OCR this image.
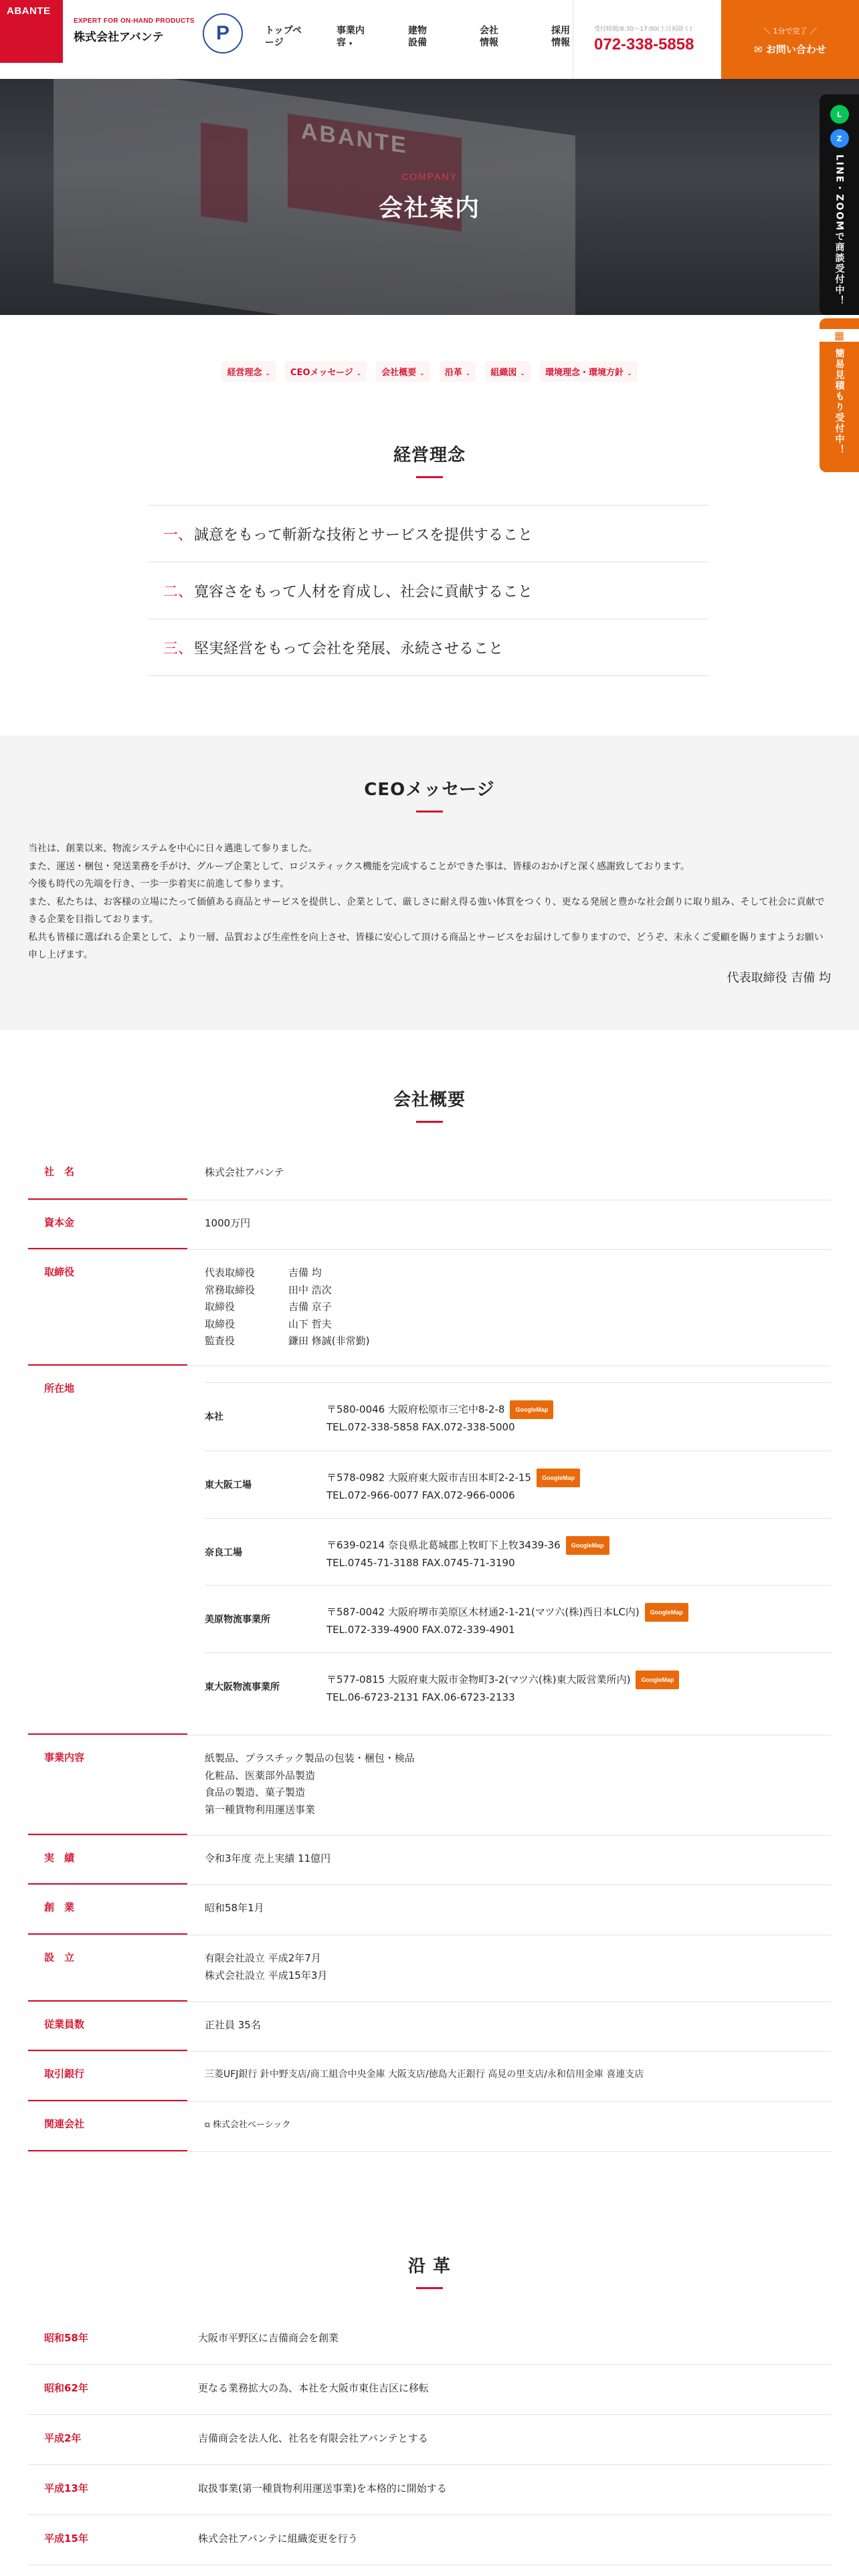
ABANTE
EXPERT FOR ON-HAND PRODUCTS
株式会社アバンテ	P	トップペ
ージ
事業内
容 ▾
建物
設備
会社
情報
採用
情報
受付時間/8:30〜17:00(土日祝除く)
072-338-5858
＼ 1分で完了 ／
✉ お問い合わせ
ABANTE
COMPANY
会社案内
L
Z
LINE・ZOOMで商談受付中！
▦
簡易見積もり受付中！
経営理念 ⌄	CEOメッセージ ⌄	会社概要 ⌄	沿革 ⌄	組織図 ⌄	環境理念・環境方針 ⌄
経営理念
一、 誠意をもって斬新な技術とサービスを提供すること
二、 寛容さをもって人材を育成し、社会に貢献すること
三、 堅実経営をもって会社を発展、永続させること
CEOメッセージ
当社は、創業以来、物流システムを中心に日々邁進して参りました。
また、運送・梱包・発送業務を手がけ、グループ企業として、ロジスティックス機能を完成することができた事は、皆様のおかげと深く感謝致しております。
今後も時代の先端を行き、一歩一歩着実に前進して参ります。
また、私たちは、お客様の立場にたって価値ある商品とサービスを提供し、企業として、厳しさに耐え得る強い体質をつくり、更なる発展と豊かな社会創りに取り組み、そして社会に貢献できる企業を目指しております。
私共も皆様に選ばれる企業として、より一層、品質および生産性を向上させ、皆様に安心して頂ける商品とサービスをお届けして参りますので、どうぞ、末永くご愛顧を賜りますようお願い申し上げます。
代表取締役 吉備 均
会社概要
社　名	株式会社アバンテ
資本金	1000万円
取締役	代表取締役	吉備 均
常務取締役	田中 浩次
取締役	吉備 京子
取締役	山下 哲夫
監査役	鎌田 修誠(非常勤)
所在地
本社
〒580-0046 大阪府松原市三宅中8-2-8 GoogleMap
TEL.072-338-5858 FAX.072-338-5000
東大阪工場
〒578-0982 大阪府東大阪市吉田本町2-2-15 GoogleMap
TEL.072-966-0077 FAX.072-966-0006
奈良工場
〒639-0214 奈良県北葛城郡上牧町下上牧3439-36 GoogleMap
TEL.0745-71-3188 FAX.0745-71-3190
美原物流事業所
〒587-0042 大阪府堺市美原区木材通2-1-21(マツ六(株)西日本LC内) GoogleMap
TEL.072-339-4900 FAX.072-339-4901
東大阪物流事業所
〒577-0815 大阪府東大阪市金物町3-2(マツ六(株)東大阪営業所内) GoogleMap
TEL.06-6723-2131 FAX.06-6723-2133
事業内容	紙製品、プラスチック製品の包装・梱包・検品
化粧品、医薬部外品製造
食品の製造、菓子製造
第一種貨物利用運送事業
実　績	令和3年度 売上実績 11億円
創　業	昭和58年1月
設　立	有限会社設立 平成2年7月
株式会社設立 平成15年3月
従業員数	正社員 35名
取引銀行	三菱UFJ銀行 針中野支店/商工組合中央金庫 大阪支店/徳島大正銀行 高見の里支店/永和信用金庫 喜連支店
関連会社	⧉ 株式会社ベーシック
沿 革
昭和58年	大阪市平野区に吉備商会を創業
昭和62年	更なる業務拡大の為、本社を大阪市東住吉区に移転
平成2年	吉備商会を法人化、社名を有限会社アバンテとする
平成13年	取扱事業(第一種貨物利用運送事業)を本格的に開始する
平成15年	株式会社アバンテに組織変更を行う
